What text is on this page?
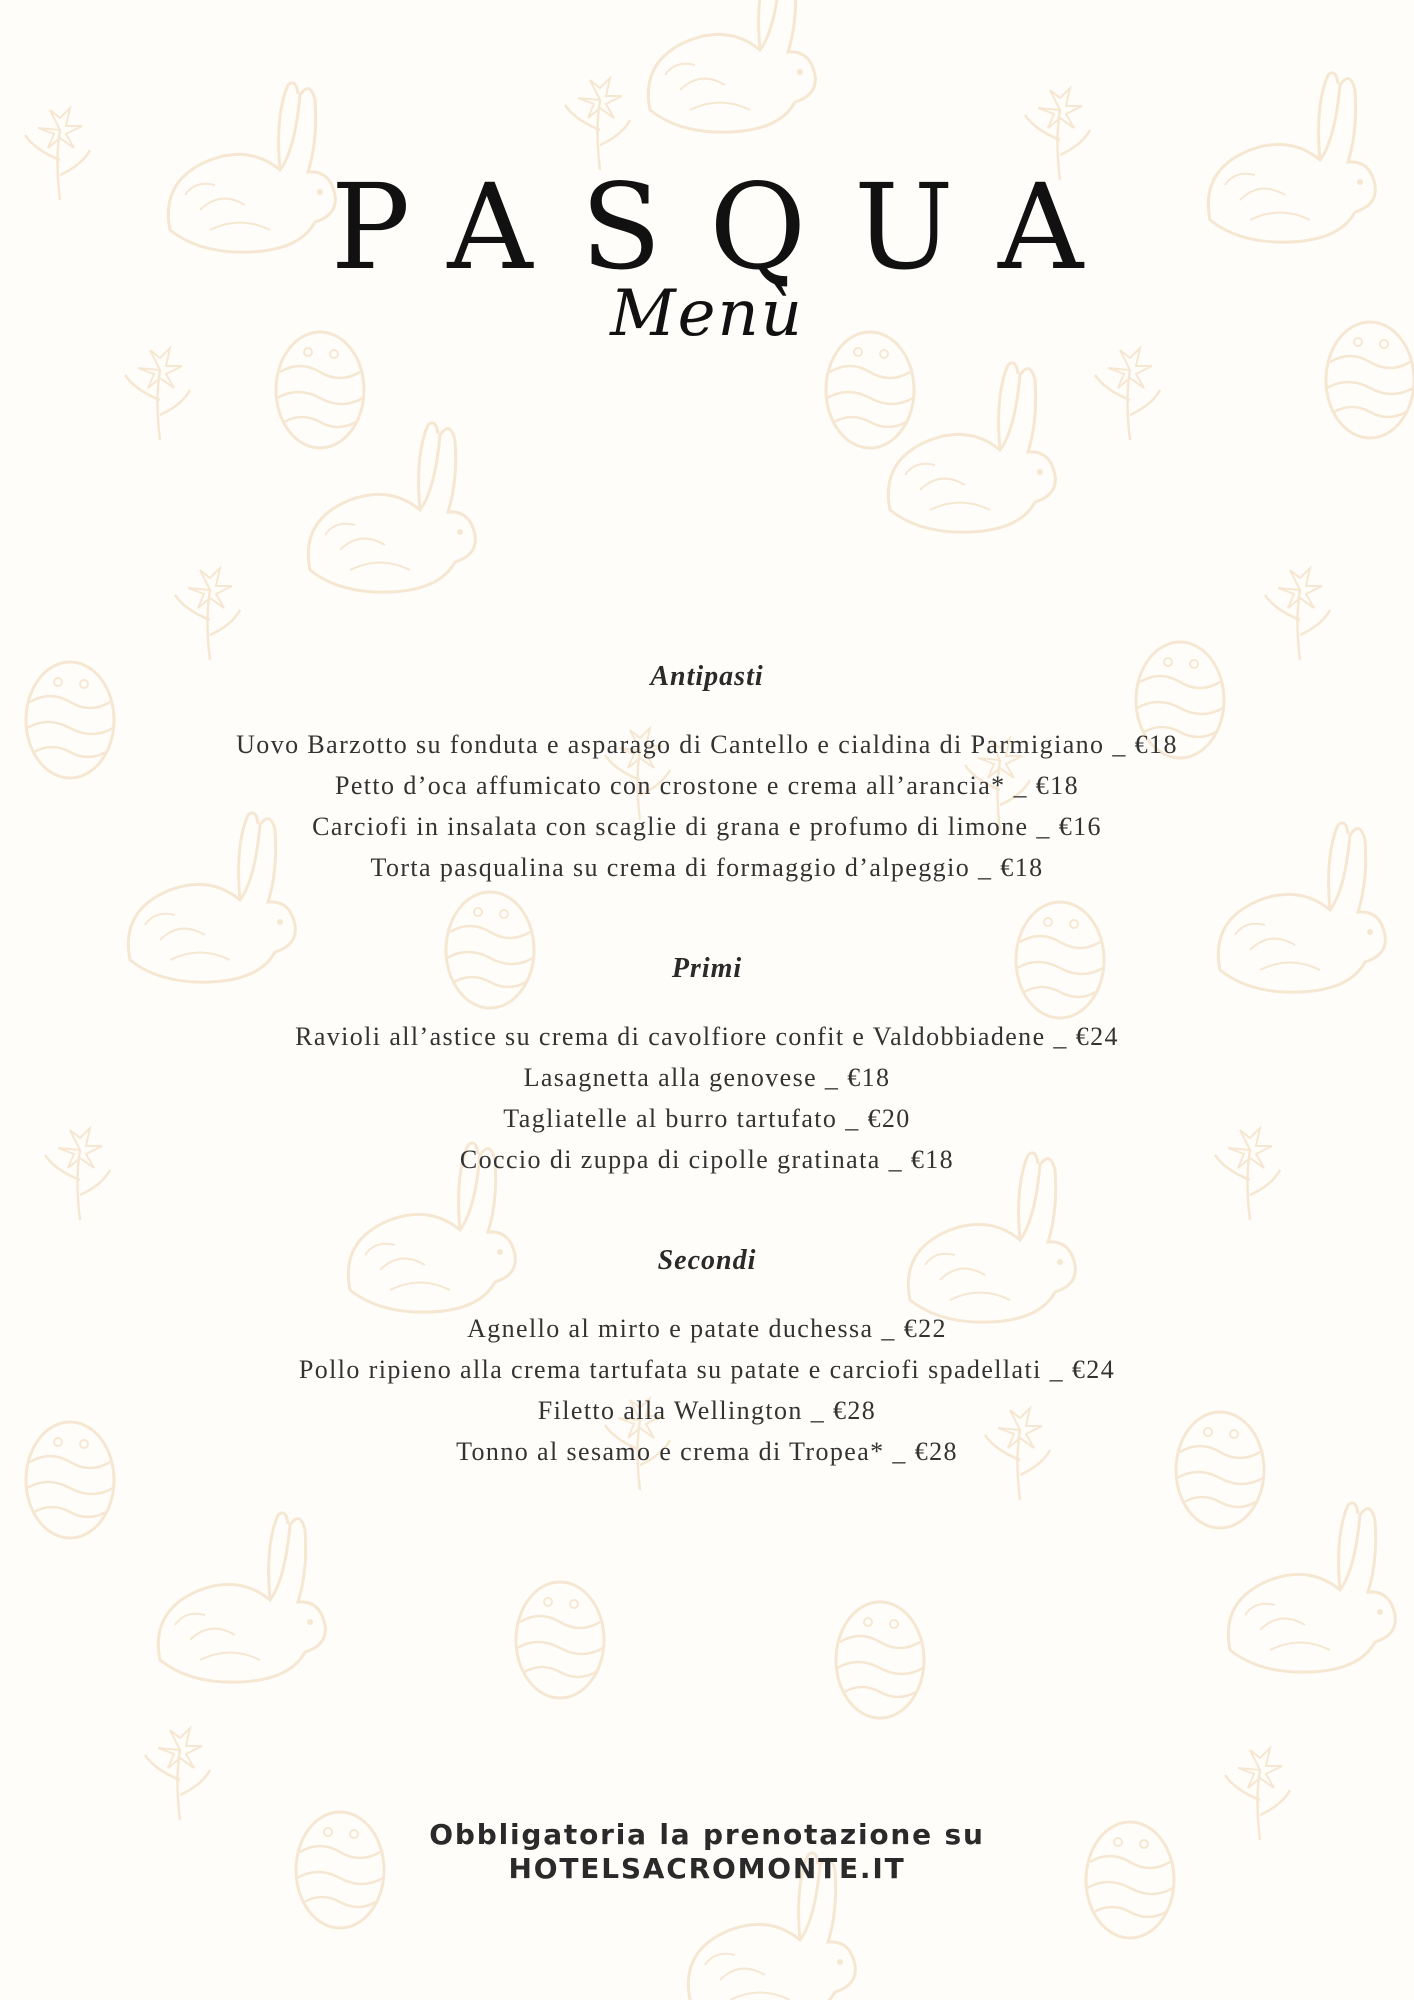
PASQUA
Menù
Antipasti
Uovo Barzotto su fonduta e asparago di Cantello e cialdina di Parmigiano _ €18
Petto d’oca affumicato con crostone e crema all’arancia* _ €18
Carciofi in insalata con scaglie di grana e profumo di limone _ €16
Torta pasqualina su crema di formaggio d’alpeggio _ €18
Primi
Ravioli all’astice su crema di cavolfiore confit e Valdobbiadene _ €24
Lasagnetta alla genovese _ €18
Tagliatelle al burro tartufato _ €20
Coccio di zuppa di cipolle gratinata _ €18
Secondi
Agnello al mirto e patate duchessa _ €22
Pollo ripieno alla crema tartufata su patate e carciofi spadellati _ €24
Filetto alla Wellington _ €28
Tonno al sesamo e crema di Tropea* _ €28
Obbligatoria la prenotazione su
HOTELSACROMONTE.IT
